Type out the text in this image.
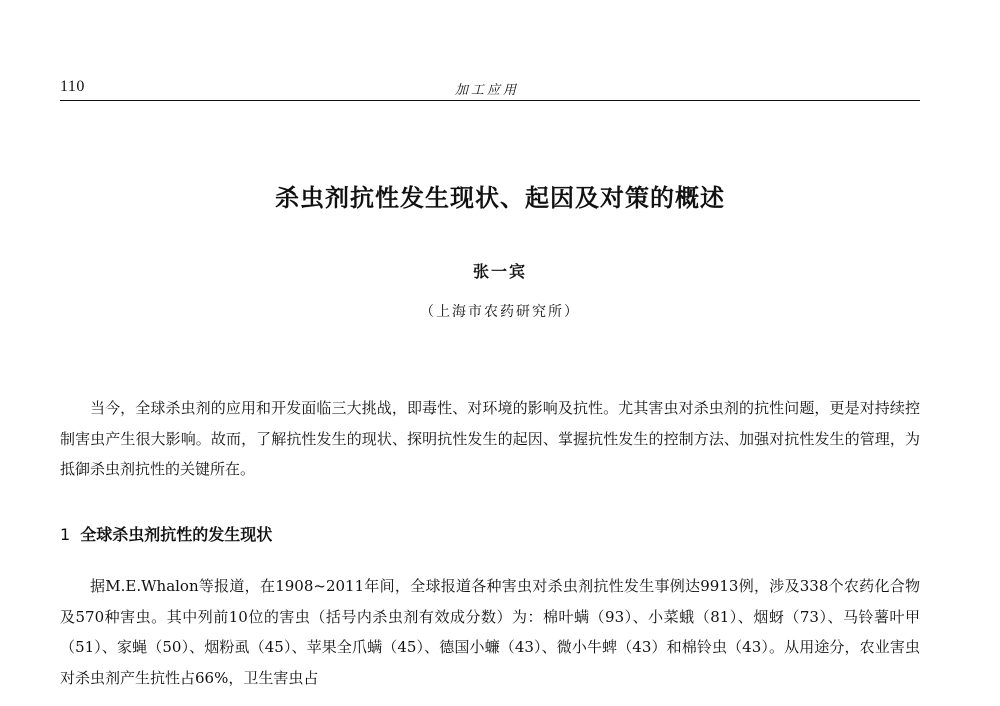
110	加工应用
杀虫剂抗性发生现状、起因及对策的概述
张一宾
（上海市农药研究所）

当今，全球杀虫剂的应用和开发面临三大挑战，即毒性、对环境的影响及抗性。尤其害虫对杀虫剂的抗性问题，更是对持续控制害虫产生很大影响。故而，了解抗性发生的现状、探明抗性发生的起因、掌握抗性发生的控制方法、加强对抗性发生的管理，为抵御杀虫剂抗性的关键所在。

1 全球杀虫剂抗性的发生现状

据M.E.Whalon等报道，在1908~2011年间，全球报道各种害虫对杀虫剂抗性发生事例达9913例，涉及338个农药化合物及570种害虫。其中列前10位的害虫（括号内杀虫剂有效成分数）为：棉叶螨（93）、小菜蛾（81）、烟蚜（73）、马铃薯叶甲（51）、家蝇（50）、烟粉虱（45）、苹果全爪螨（45）、德国小蠊（43）、微小牛蜱（43）和棉铃虫（43）。从用途分，农业害虫对杀虫剂产生抗性占66%，卫生害虫占
